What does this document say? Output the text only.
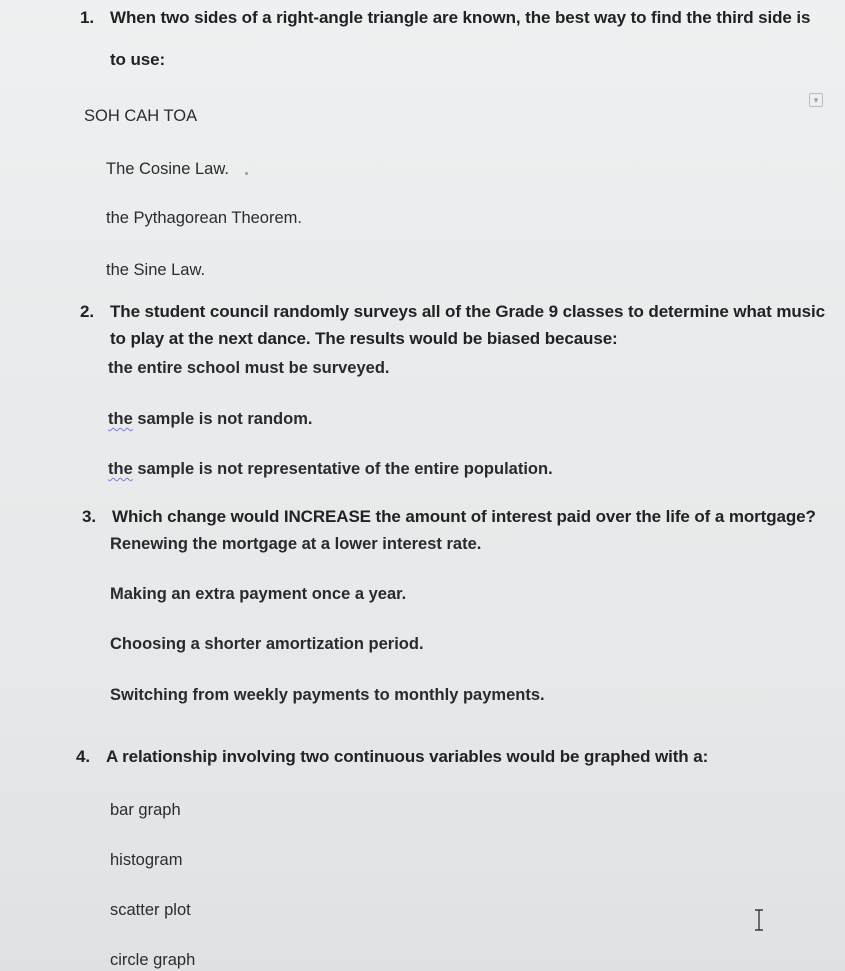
1. When two sides of a right-angle triangle are known, the best way to find the third side is
to use:
SOH CAH TOA
The Cosine Law.
the Pythagorean Theorem.
the Sine Law.
▾
2. The student council randomly surveys all of the Grade 9 classes to determine what music
to play at the next dance. The results would be biased because:
the entire school must be surveyed.
the sample is not random.
the sample is not representative of the entire population.
3. Which change would INCREASE the amount of interest paid over the life of a mortgage?
Renewing the mortgage at a lower interest rate.
Making an extra payment once a year.
Choosing a shorter amortization period.
Switching from weekly payments to monthly payments.
4. A relationship involving two continuous variables would be graphed with a:
bar graph
histogram
scatter plot
circle graph
